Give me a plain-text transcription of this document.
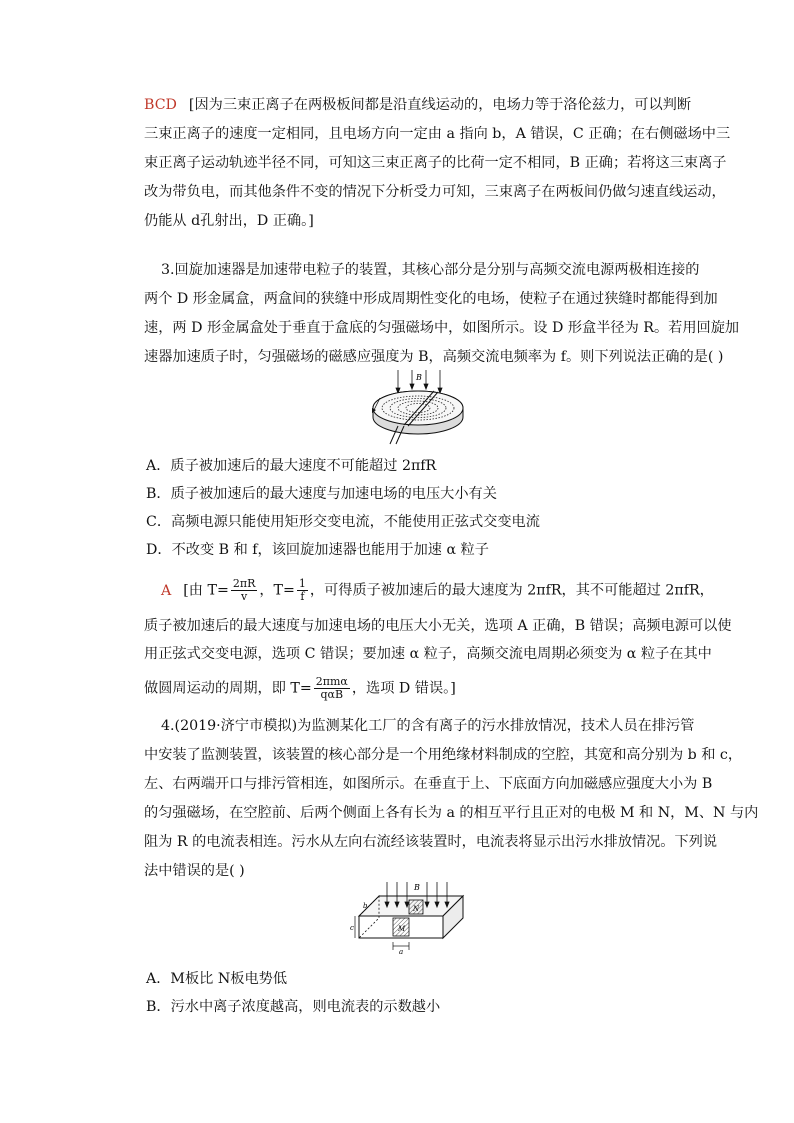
BCD [因为三束正离子在两极板间都是沿直线运动的，电场力等于洛伦兹力，可以判断
三束正离子的速度一定相同，且电场方向一定由 a 指向 b，A 错误，C 正确；在右侧磁场中三
束正离子运动轨迹半径不同，可知这三束正离子的比荷一定不相同，B 正确；若将这三束离子
改为带负电，而其他条件不变的情况下分析受力可知，三束离子在两板间仍做匀速直线运动，
仍能从 d孔射出，D 正确。]
3.回旋加速器是加速带电粒子的装置，其核心部分是分别与高频交流电源两极相连接的
两个 D 形金属盒，两盒间的狭缝中形成周期性变化的电场，使粒子在通过狭缝时都能得到加
速，两 D 形金属盒处于垂直于盒底的匀强磁场中，如图所示。设 D 形盒半径为 R。若用回旋加
速器加速质子时，匀强磁场的磁感应强度为 B，高频交流电频率为 f。则下列说法正确的是( )
B
A．质子被加速后的最大速度不可能超过 2πfR
B．质子被加速后的最大速度与加速电场的电压大小有关
C．高频电源只能使用矩形交变电流，不能使用正弦式交变电流
D．不改变 B 和 f，该回旋加速器也能用于加速 α 粒子
A [由 $T= \frac{2\pi R}{v}$ ，$T= \frac{1}{f}$ ，可得质子被加速后的最大速度为 2πfR，其不可能超过 2πfR，
质子被加速后的最大速度与加速电场的电压大小无关，选项 A 正确，B 错误；高频电源可以使
用正弦式交变电源，选项 C 错误；要加速 α 粒子，高频交流电周期必须变为 α 粒子在其中
做圆周运动的周期，即 $T= \frac{\text{2πmα}}{\text{qαB}}$ ，选项 D 错误。]
4.(2019·济宁市模拟)为监测某化工厂的含有离子的污水排放情况，技术人员在排污管
中安装了监测装置，该装置的核心部分是一个用绝缘材料制成的空腔，其宽和高分别为 b 和 c，
左、右两端开口与排污管相连，如图所示。在垂直于上、下底面方向加磁感应强度大小为 B
的匀强磁场，在空腔前、后两个侧面上各有长为 a 的相互平行且正对的电极 M 和 N，M、N 与内
阻为 R 的电流表相连。污水从左向右流经该装置时，电流表将显示出污水排放情况。下列说
法中错误的是( )
B
N
M
b
c
a
A．M板比 N板电势低
B．污水中离子浓度越高，则电流表的示数越小
